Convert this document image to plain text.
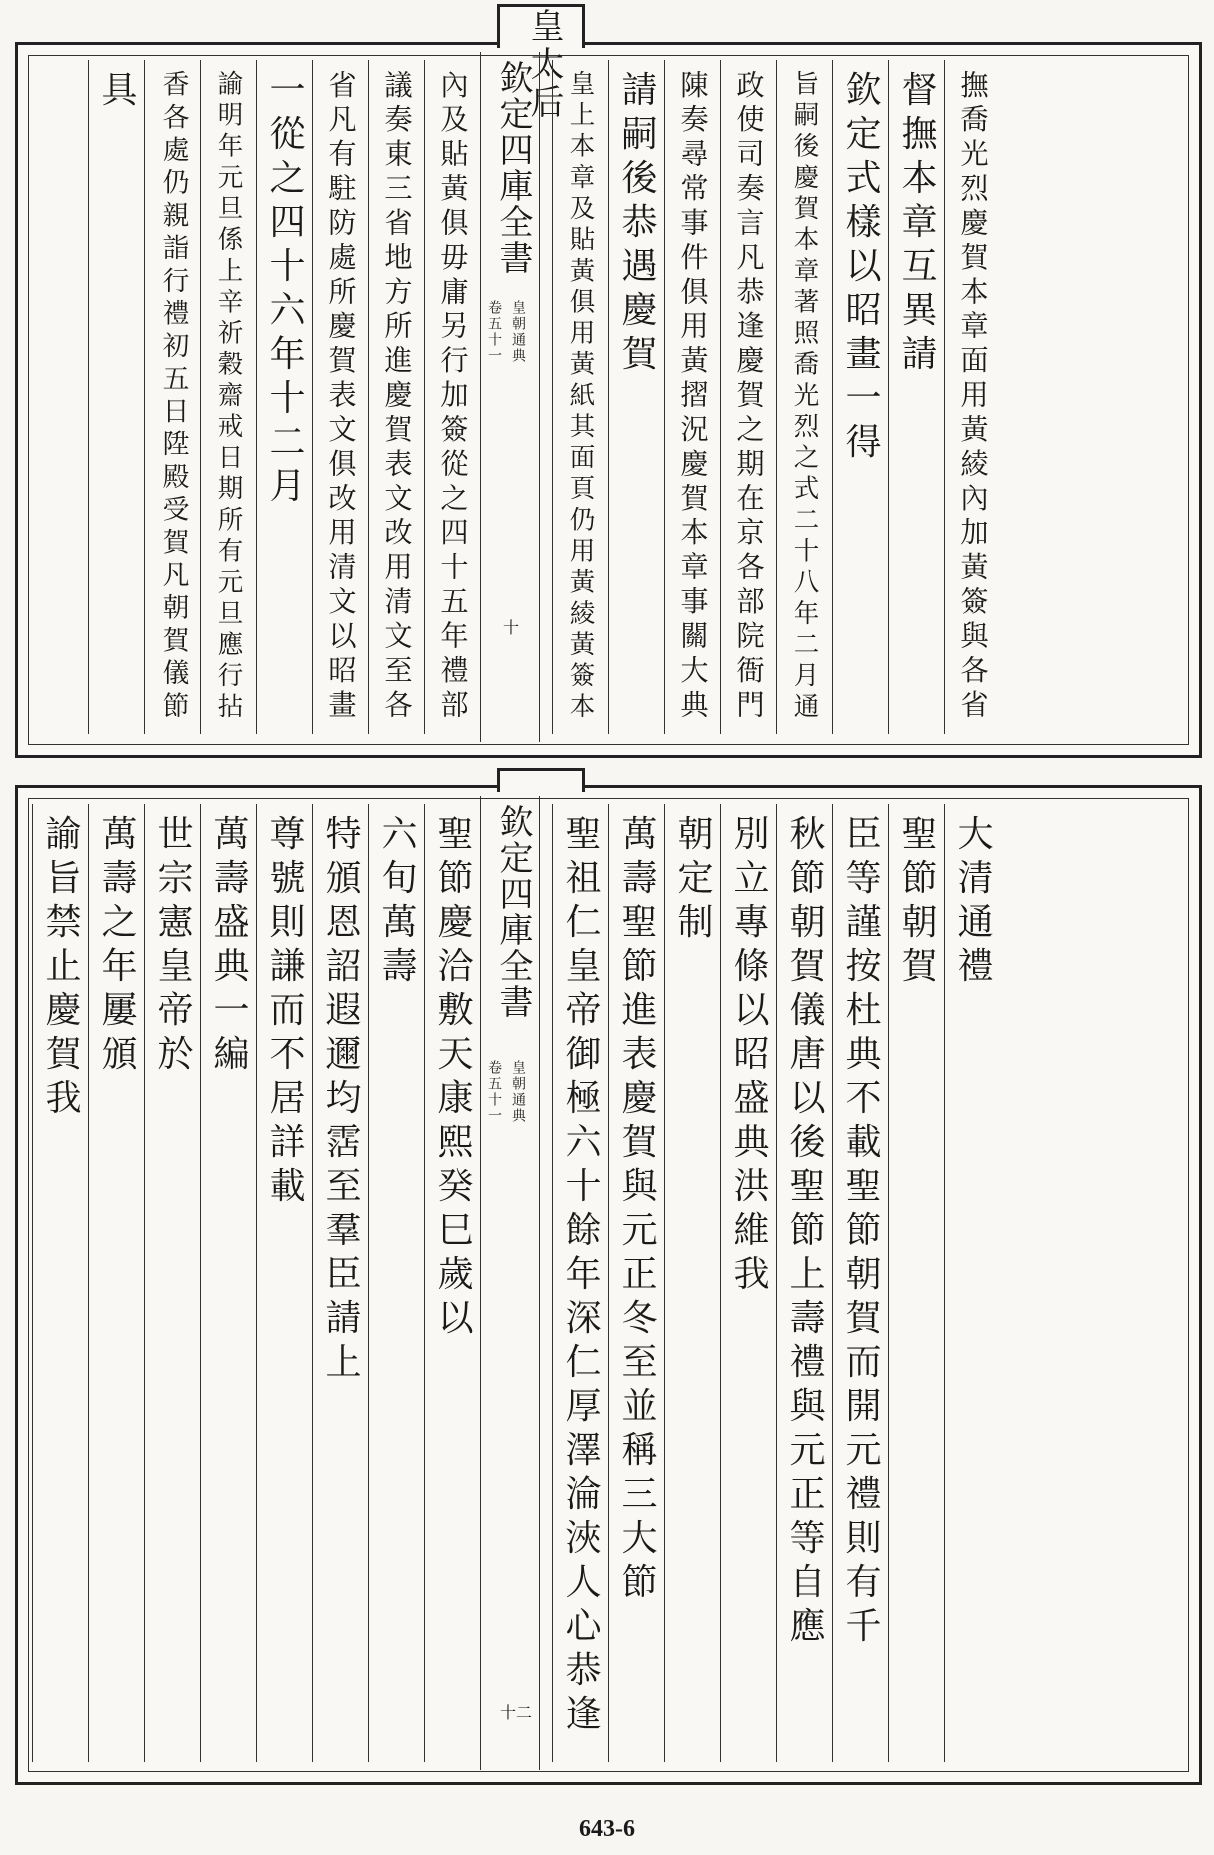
皇太后
欽定四庫全書
皇朝通典
卷五十一
十	撫喬光烈慶賀本章面用黃綾內加黃簽與各省
督撫本章互異請
欽定式樣以昭畫一得
旨嗣後慶賀本章著照喬光烈之式二十八年二月通
政使司奏言凡恭逢慶賀之期在京各部院衙門
陳奏尋常事件俱用黃摺況慶賀本章事關大典
請嗣後恭遇慶賀
皇上本章及貼黃俱用黃紙其面頁仍用黃綾黃簽本
內及貼黃俱毋庸另行加簽從之四十五年禮部
議奏東三省地方所進慶賀表文改用清文至各
省凡有駐防處所慶賀表文俱改用清文以昭畫
一從之四十六年十二月
諭明年元旦係上辛祈穀齋戒日期所有元旦應行拈
香各處仍親詣行禮初五日陞殿受賀凡朝賀儀節
具
欽定四庫全書
皇朝通典
卷五十一
十二
大清通禮
聖節朝賀
臣等謹按杜典不載聖節朝賀而開元禮則有千
秋節朝賀儀唐以後聖節上壽禮與元正等自應
別立專條以昭盛典洪維我
朝定制
萬壽聖節進表慶賀與元正冬至並稱三大節
聖祖仁皇帝御極六十餘年深仁厚澤淪浹人心恭逢
聖節慶洽敷天康熙癸巳歲以
六旬萬壽
特頒恩詔遐邇均霑至羣臣請上
尊號則謙而不居詳載
萬壽盛典一編
世宗憲皇帝於
萬壽之年屢頒
諭旨禁止慶賀我
643-6
